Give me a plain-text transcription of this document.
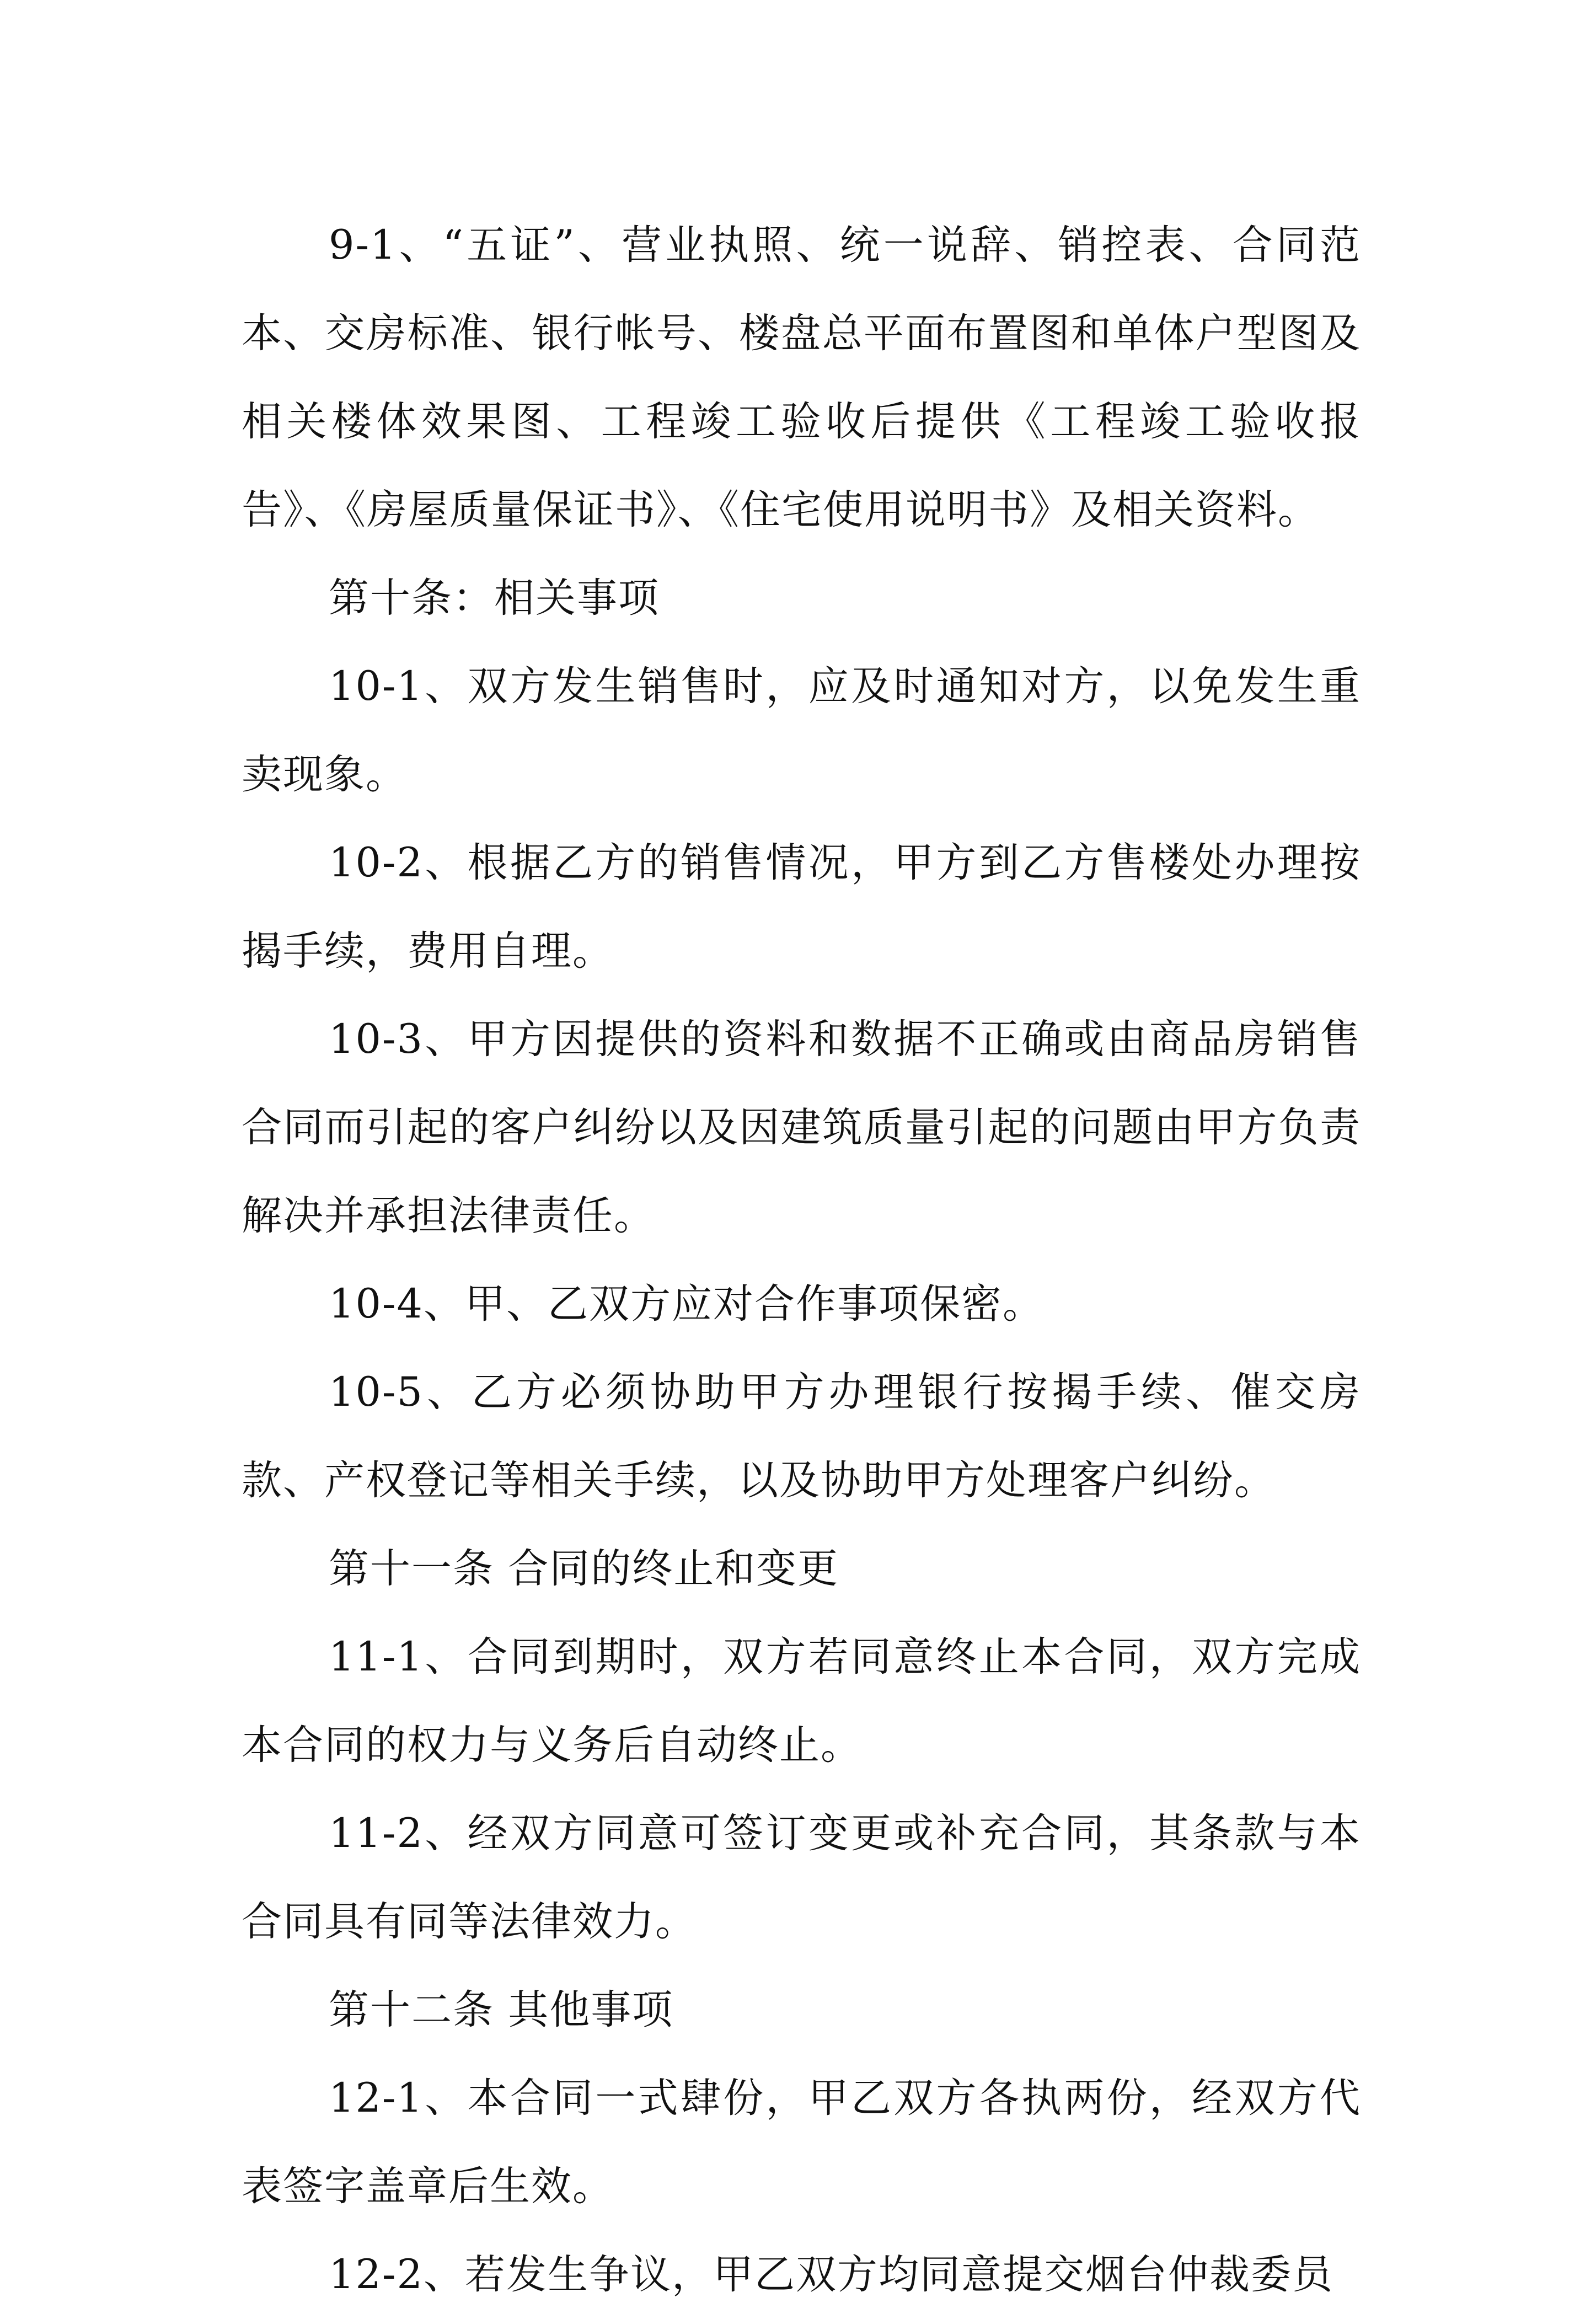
9-1、“五证”、营业执照、统一说辞、销控表、合同范本、交房标准、银行帐号、楼盘总平面布置图和单体户型图及相关楼体效果图、工程竣工验收后提供《工程竣工验收报告》、《房屋质量保证书》、《住宅使用说明书》及相关资料。

第十条：相关事项

10-1、双方发生销售时，应及时通知对方，以免发生重卖现象。

10-2、根据乙方的销售情况，甲方到乙方售楼处办理按揭手续，费用自理。

10-3、甲方因提供的资料和数据不正确或由商品房销售合同而引起的客户纠纷以及因建筑质量引起的问题由甲方负责解决并承担法律责任。

10-4、甲、乙双方应对合作事项保密。

10-5、乙方必须协助甲方办理银行按揭手续、催交房款、产权登记等相关手续，以及协助甲方处理客户纠纷。

第十一条 合同的终止和变更

11-1、合同到期时，双方若同意终止本合同，双方完成本合同的权力与义务后自动终止。

11-2、经双方同意可签订变更或补充合同，其条款与本合同具有同等法律效力。

第十二条 其他事项

12-1、本合同一式肆份，甲乙双方各执两份，经双方代表签字盖章后生效。

12-2、若发生争议，甲乙双方均同意提交烟台仲裁委员
